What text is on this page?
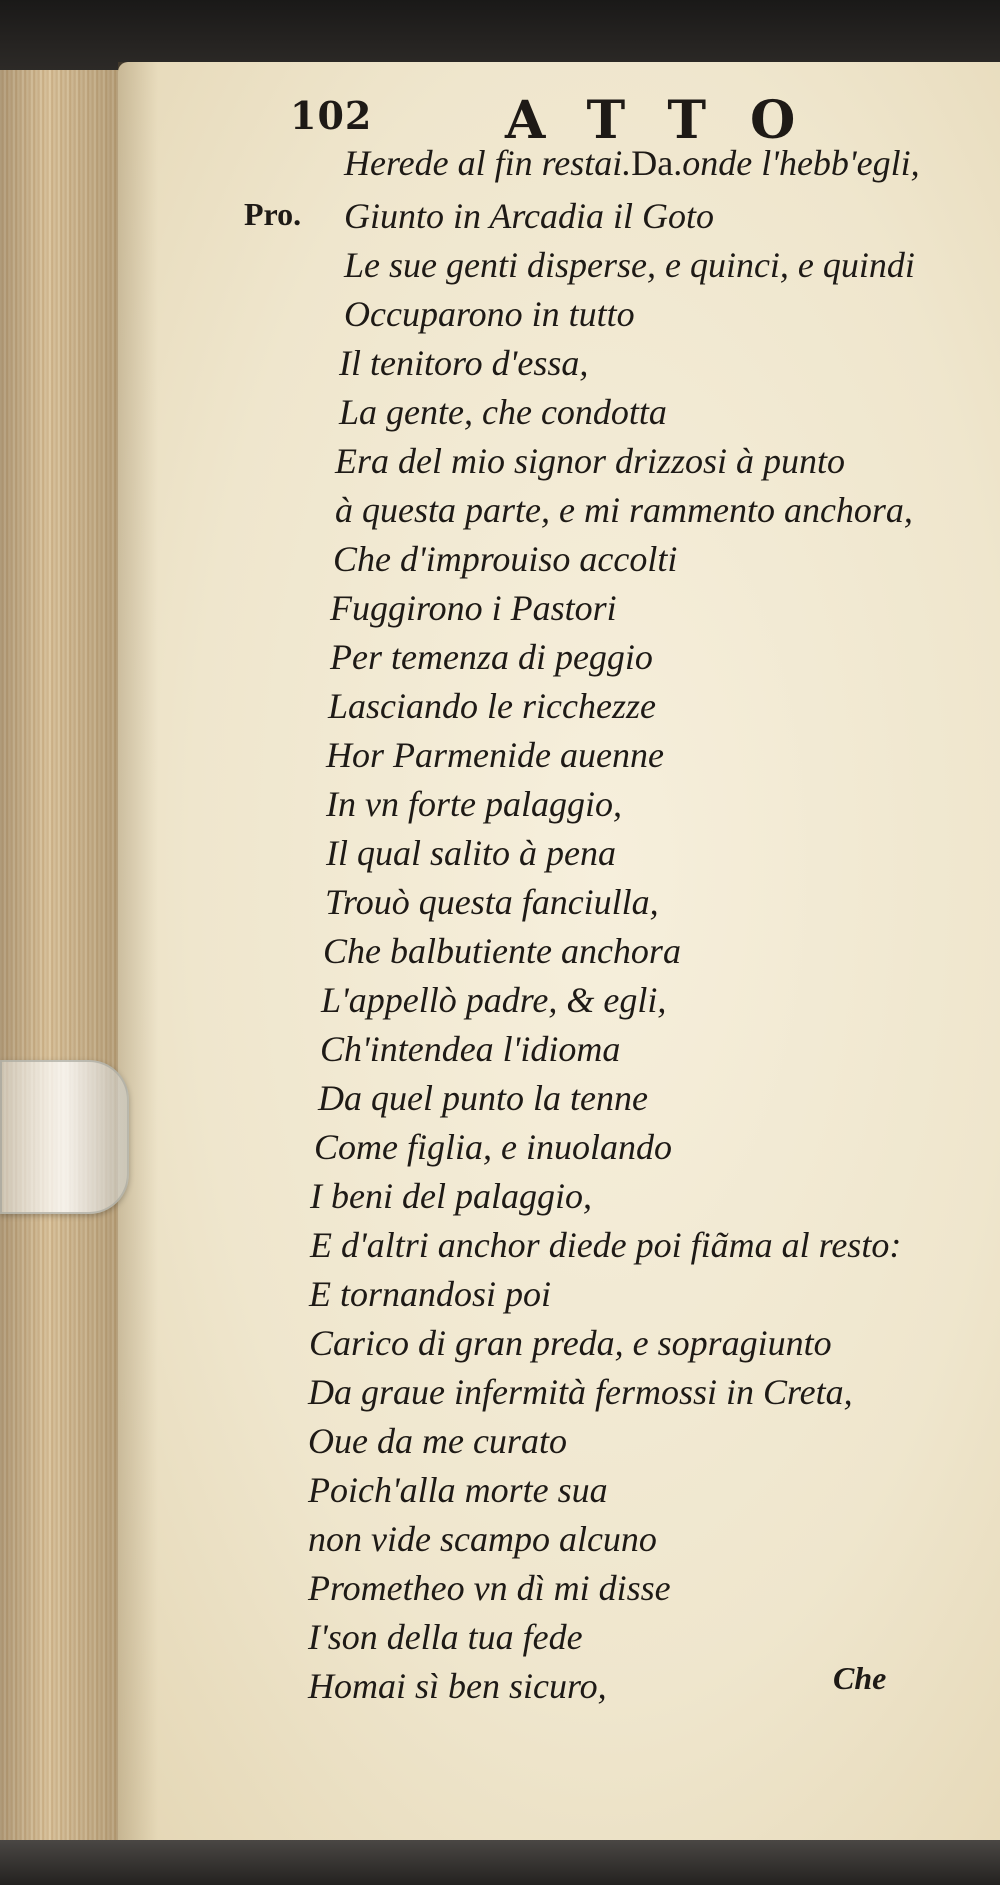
102	ATTO
Pro.
Herede al fin restai.Da.onde l'hebb'egli,
Giunto in Arcadia il Goto
Le sue genti disperse, e quinci, e quindi
Occuparono in tutto
Il tenitoro d'essa,
La gente, che condotta
Era del mio signor drizzosi à punto
à questa parte, e mi rammento anchora,
Che d'improuiso accolti
Fuggirono i Pastori
Per temenza di peggio
Lasciando le ricchezze
Hor Parmenide auenne
In vn forte palaggio,
Il qual salito à pena
Trouò questa fanciulla,
Che balbutiente anchora
L'appellò padre, & egli,
Ch'intendea l'idioma
Da quel punto la tenne
Come figlia, e inuolando
I beni del palaggio,
E d'altri anchor diede poi fiãma al resto:
E tornandosi poi
Carico di gran preda, e sopragiunto
Da graue infermità fermossi in Creta,
Oue da me curato
Poich'alla morte sua
non vide scampo alcuno
Prometheo vn dì mi disse
I'son della tua fede
Homai sì ben sicuro,	Che
